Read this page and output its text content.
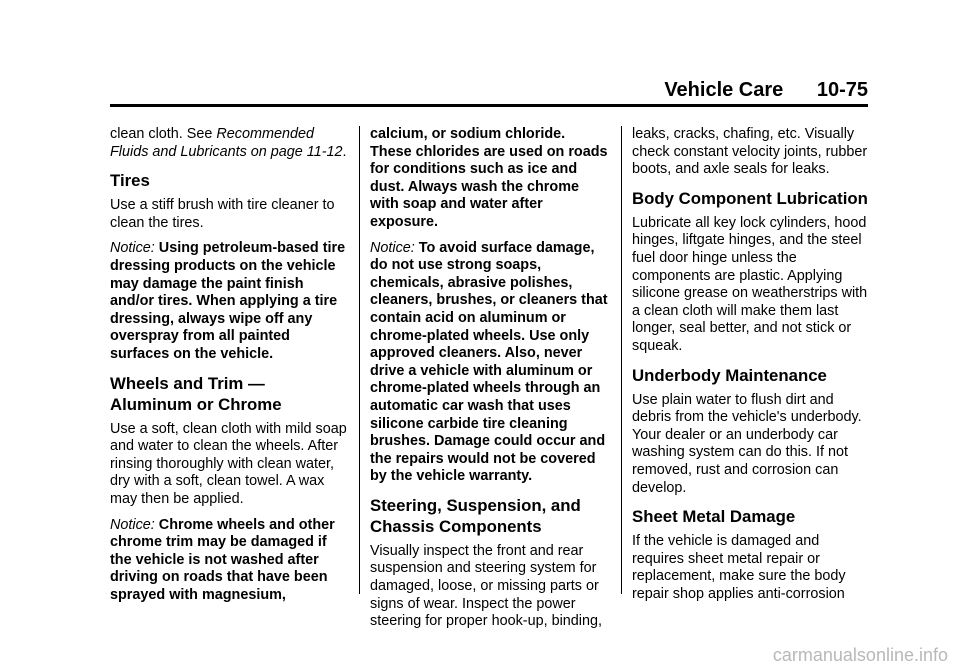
Vehicle Care 10-75

clean cloth. See Recommended Fluids and Lubricants on page 11-12.

Tires

Use a stiff brush with tire cleaner to clean the tires.

Notice: Using petroleum-based tire dressing products on the vehicle may damage the paint finish and/or tires. When applying a tire dressing, always wipe off any overspray from all painted surfaces on the vehicle.

Wheels and Trim — Aluminum or Chrome

Use a soft, clean cloth with mild soap and water to clean the wheels. After rinsing thoroughly with clean water, dry with a soft, clean towel. A wax may then be applied.

Notice: Chrome wheels and other chrome trim may be damaged if the vehicle is not washed after driving on roads that have been sprayed with magnesium,

calcium, or sodium chloride. These chlorides are used on roads for conditions such as ice and dust. Always wash the chrome with soap and water after exposure.

Notice: To avoid surface damage, do not use strong soaps, chemicals, abrasive polishes, cleaners, brushes, or cleaners that contain acid on aluminum or chrome-plated wheels. Use only approved cleaners. Also, never drive a vehicle with aluminum or chrome-plated wheels through an automatic car wash that uses silicone carbide tire cleaning brushes. Damage could occur and the repairs would not be covered by the vehicle warranty.

Steering, Suspension, and Chassis Components

Visually inspect the front and rear suspension and steering system for damaged, loose, or missing parts or signs of wear. Inspect the power steering for proper hook-up, binding,

leaks, cracks, chafing, etc. Visually check constant velocity joints, rubber boots, and axle seals for leaks.

Body Component Lubrication

Lubricate all key lock cylinders, hood hinges, liftgate hinges, and the steel fuel door hinge unless the components are plastic. Applying silicone grease on weatherstrips with a clean cloth will make them last longer, seal better, and not stick or squeak.

Underbody Maintenance

Use plain water to flush dirt and debris from the vehicle's underbody. Your dealer or an underbody car washing system can do this. If not removed, rust and corrosion can develop.

Sheet Metal Damage

If the vehicle is damaged and requires sheet metal repair or replacement, make sure the body repair shop applies anti-corrosion

carmanualsonline.info
